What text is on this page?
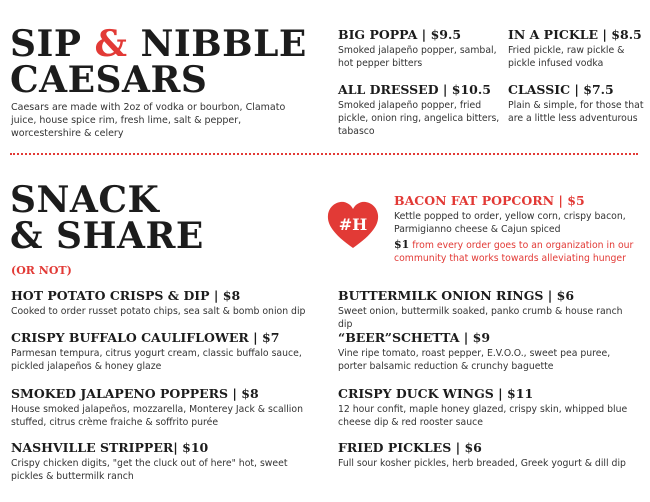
SIP & NIBBLE
CAESARS
Caesars are made with 2oz of vodka or bourbon, Clamato juice, house spice rim, fresh lime, salt & pepper, worcestershire & celery
BIG POPPA | $9.5
Smoked jalapeño popper, sambal, hot pepper bitters
IN A PICKLE | $8.5
Fried pickle, raw pickle & pickle infused vodka
ALL DRESSED | $10.5
Smoked jalapeño popper, fried pickle, onion ring, angelica bitters, tabasco
CLASSIC | $7.5
Plain & simple, for those that are a little less adventurous
SNACK
& SHARE
(OR NOT)
#H
BACON FAT POPCORN | $5
Kettle popped to order, yellow corn, crispy bacon, Parmigianno cheese & Cajun spiced
$1 from every order goes to an organization in our community that works towards alleviating hunger
HOT POTATO CRISPS & DIP | $8
Cooked to order russet potato chips, sea salt & bomb onion dip
CRISPY BUFFALO CAULIFLOWER | $7
Parmesan tempura, citrus yogurt cream, classic buffalo sauce, pickled jalapeños & honey glaze
SMOKED JALAPENO POPPERS | $8
House smoked jalapeños, mozzarella, Monterey Jack & scallion stuffed, citrus crème fraiche & soffrito purée
NASHVILLE STRIPPER| $10
Crispy chicken digits, "get the cluck out of here" hot, sweet pickles & buttermilk ranch
BUTTERMILK ONION RINGS | $6
Sweet onion, buttermilk soaked, panko crumb & house ranch dip
“BEER”SCHETTA | $9
Vine ripe tomato, roast pepper, E.V.O.O., sweet pea puree, porter balsamic reduction & crunchy baguette
CRISPY DUCK WINGS | $11
12 hour confit, maple honey glazed, crispy skin, whipped blue cheese dip & red rooster sauce
FRIED PICKLES | $6
Full sour kosher pickles, herb breaded, Greek yogurt & dill dip
